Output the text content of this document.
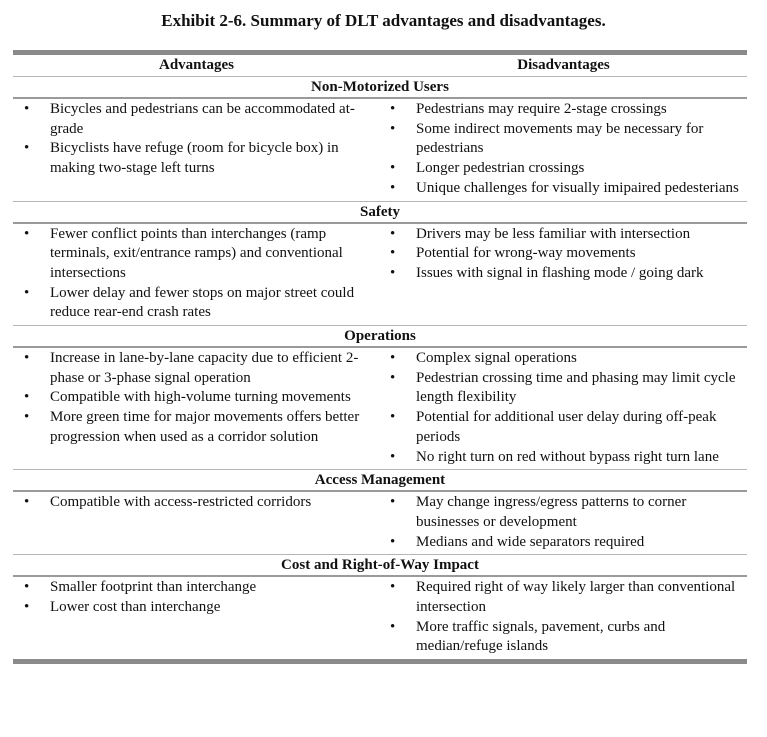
Exhibit 2-6. Summary of DLT advantages and disadvantages.
Advantages	Disadvantages
Non-Motorized Users
• Bicycles and pedestrians can be accommodated at-grade
• Bicyclists have refuge (room for bicycle box) in making two-stage left turns
• Pedestrians may require 2-stage crossings
• Some indirect movements may be necessary for pedestrians
• Longer pedestrian crossings
• Unique challenges for visually imipaired pedesterians
Safety
• Fewer conflict points than interchanges (ramp terminals, exit/entrance ramps) and conventional intersections
• Lower delay and fewer stops on major street could reduce rear-end crash rates
• Drivers may be less familiar with intersection
• Potential for wrong-way movements
• Issues with signal in flashing mode / going dark
Operations
• Increase in lane-by-lane capacity due to efficient 2-phase or 3-phase signal operation
• Compatible with high-volume turning movements
• More green time for major movements offers better progression when used as a corridor solution
• Complex signal operations
• Pedestrian crossing time and phasing may limit cycle length flexibility
• Potential for additional user delay during off-peak periods
• No right turn on red without bypass right turn lane
Access Management
• Compatible with access-restricted corridors
•	May change ingress/egress patterns to corner businesses or development
• Medians and wide separators required
Cost and Right-of-Way Impact
• Smaller footprint than interchange
• Lower cost than interchange
• Required right of way likely larger than conventional intersection
• More traffic signals, pavement, curbs and median/refuge islands
